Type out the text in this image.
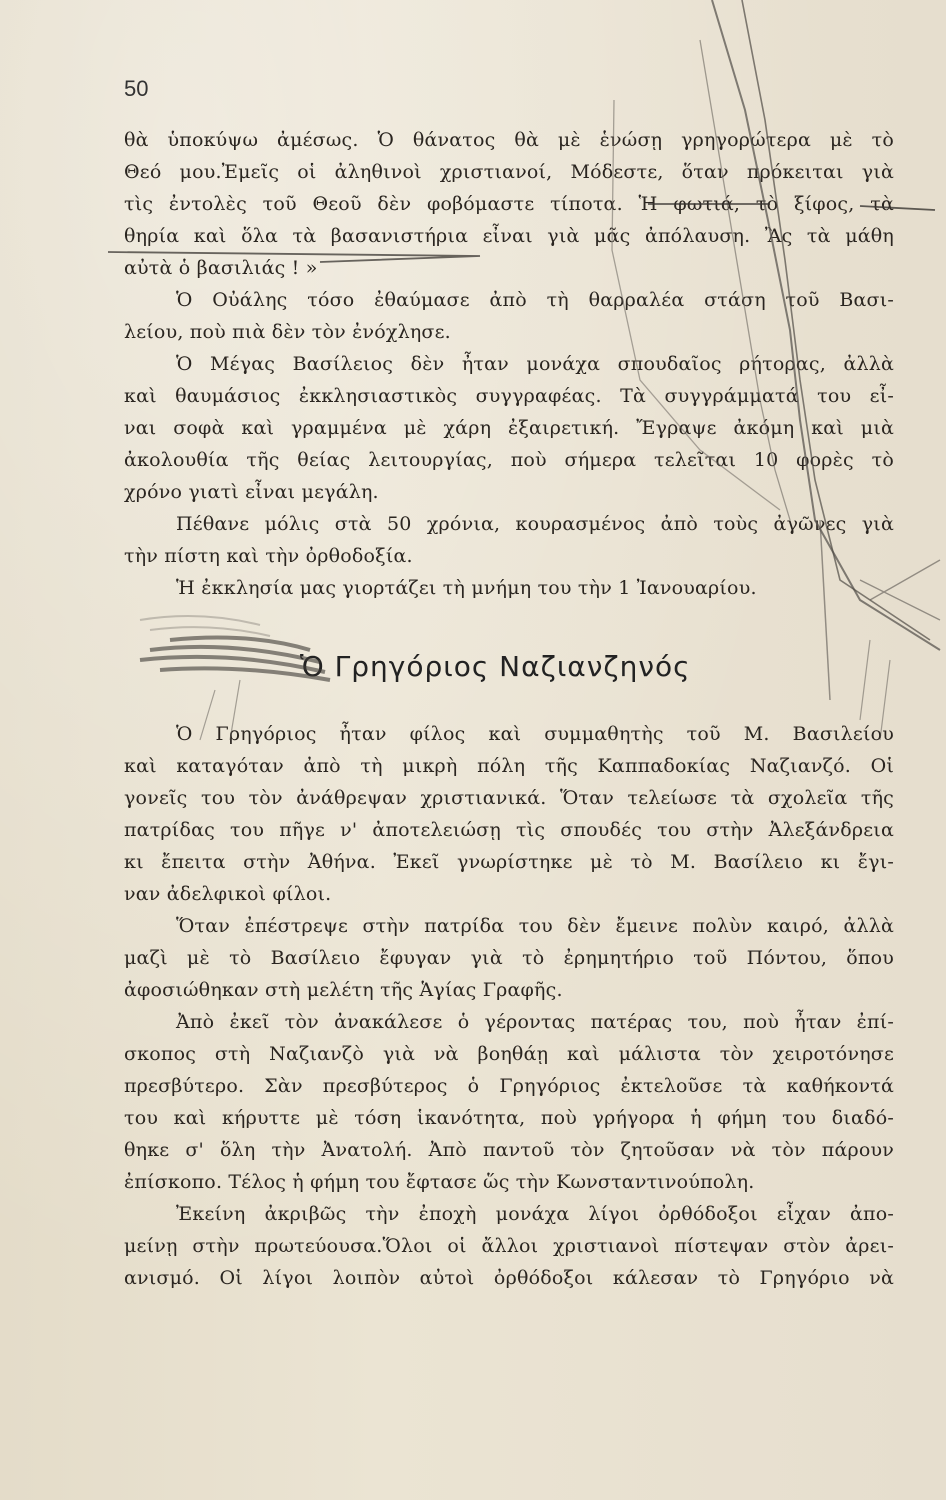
50
θὰ ὑποκύψω ἀμέσως. Ὁ θάνατος θὰ μὲ ἑνώσῃ γρηγορώτερα μὲ τὸ
Θεό μου.Ἐμεῖς οἱ ἀληθινοὶ χριστιανοί, Μόδεστε, ὅταν πρόκειται γιὰ
τὶς ἐντολὲς τοῦ Θεοῦ δὲν φοβόμαστε τίποτα. Ἡ φωτιά, τὸ ξίφος, τὰ
θηρία καὶ ὅλα τὰ βασανιστήρια εἶναι γιὰ μᾶς ἀπόλαυση. Ἂς τὰ μάθη
αὐτὰ ὁ βασιλιάς ! »
Ὁ Οὐάλης τόσο ἐθαύμασε ἀπὸ τὴ θαρραλέα στάση τοῦ Βασι-
λείου, ποὺ πιὰ δὲν τὸν ἐνόχλησε.
Ὁ Μέγας Βασίλειος δὲν ἦταν μονάχα σπουδαῖος ρήτορας, ἀλλὰ
καὶ θαυμάσιος ἐκκλησιαστικὸς συγγραφέας. Τὰ συγγράμματά του εἶ-
ναι σοφὰ καὶ γραμμένα μὲ χάρη ἐξαιρετική. Ἔγραψε ἀκόμη καὶ μιὰ
ἀκολουθία τῆς θείας λειτουργίας, ποὺ σήμερα τελεῖται 10 φορὲς τὸ
χρόνο γιατὶ εἶναι μεγάλη.
Πέθανε μόλις στὰ 50 χρόνια, κουρασμένος ἀπὸ τοὺς ἀγῶνες γιὰ
τὴν πίστη καὶ τὴν ὀρθοδοξία.
Ἡ ἐκκλησία μας γιορτάζει τὴ μνήμη του τὴν 1 Ἰανουαρίου.
Ὁ Γρηγόριος Ναζιανζηνός
Ὁ Γρηγόριος ἦταν φίλος καὶ συμμαθητὴς τοῦ Μ. Βασιλείου
καὶ καταγόταν ἀπὸ τὴ μικρὴ πόλη τῆς Καππαδοκίας Ναζιανζό. Οἱ
γονεῖς του τὸν ἀνάθρεψαν χριστιανικά. Ὅταν τελείωσε τὰ σχολεῖα τῆς
πατρίδας του πῆγε ν' ἀποτελειώσῃ τὶς σπουδές του στὴν Ἀλεξάνδρεια
κι ἔπειτα στὴν Ἀθήνα. Ἐκεῖ γνωρίστηκε μὲ τὸ Μ. Βασίλειο κι ἔγι-
ναν ἀδελφικοὶ φίλοι.
Ὅταν ἐπέστρεψε στὴν πατρίδα του δὲν ἔμεινε πολὺν καιρό, ἀλλὰ
μαζὶ μὲ τὸ Βασίλειο ἔφυγαν γιὰ τὸ ἐρημητήριο τοῦ Πόντου, ὅπου
ἀφοσιώθηκαν στὴ μελέτη τῆς Ἁγίας Γραφῆς.
Ἀπὸ ἐκεῖ τὸν ἀνακάλεσε ὁ γέροντας πατέρας του, ποὺ ἦταν ἐπί-
σκοπος στὴ Ναζιανζὸ γιὰ νὰ βοηθάῃ καὶ μάλιστα τὸν χειροτόνησε
πρεσβύτερο. Σὰν πρεσβύτερος ὁ Γρηγόριος ἐκτελοῦσε τὰ καθήκοντά
του καὶ κήρυττε μὲ τόση ἱκανότητα, ποὺ γρήγορα ἡ φήμη του διαδό-
θηκε σ' ὅλη τὴν Ἀνατολή. Ἀπὸ παντοῦ τὸν ζητοῦσαν νὰ τὸν πάρουν
ἐπίσκοπο. Τέλος ἡ φήμη του ἔφτασε ὥς τὴν Κωνσταντινούπολη.
Ἐκείνη ἀκριβῶς τὴν ἐποχὴ μονάχα λίγοι ὀρθόδοξοι εἶχαν ἀπο-
μείνῃ στὴν πρωτεύουσα.Ὅλοι οἱ ἄλλοι χριστιανοὶ πίστεψαν στὸν ἀρει-
ανισμό. Οἱ λίγοι λοιπὸν αὐτοὶ ὀρθόδοξοι κάλεσαν τὸ Γρηγόριο νὰ
